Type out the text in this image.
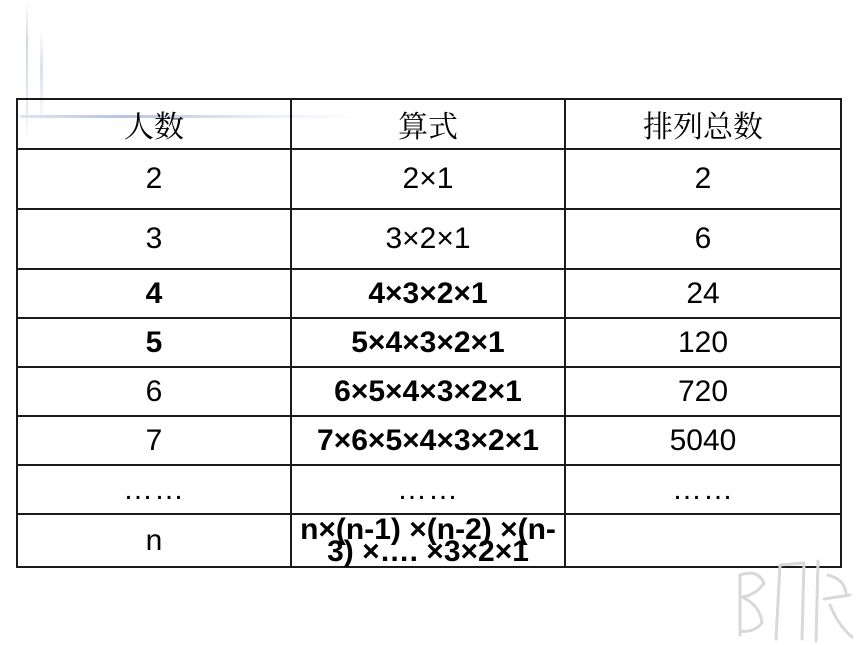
人数	算式	排列总数
2	2×1	2
3	3×2×1	6
4	4×3×2×1	24
5	5×4×3×2×1	120
6	6×5×4×3×2×1	720
7	7×6×5×4×3×2×1	5040
……	……	……
n	n×(n-1) ×(n-2) ×(n-3) ×…. ×3×2×1	
